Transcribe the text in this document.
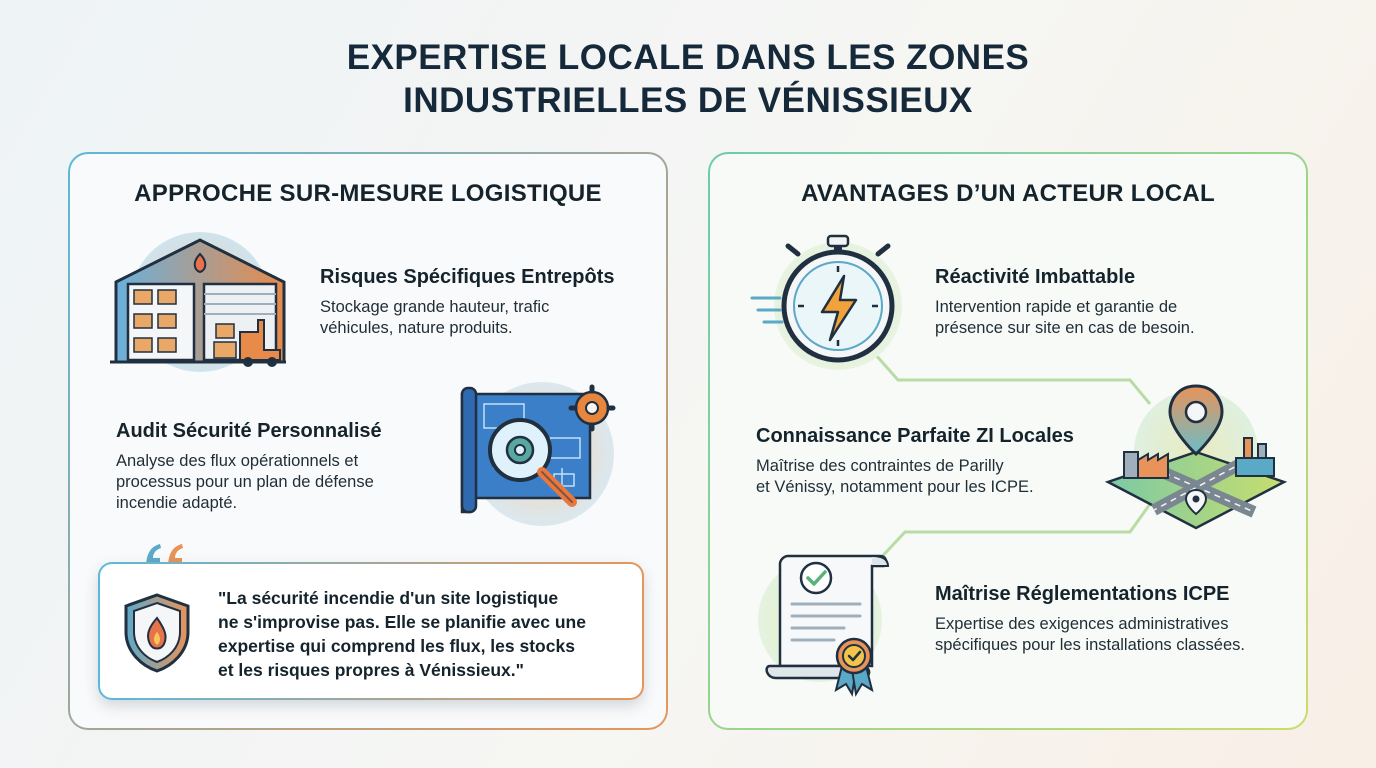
EXPERTISE LOCALE DANS LES ZONES
INDUSTRIELLES DE VÉNISSIEUX
APPROCHE SUR-MESURE LOGISTIQUE
Risques Spécifiques Entrepôts
Stockage grande hauteur, trafic
véhicules, nature produits.
Audit Sécurité Personnalisé
Analyse des flux opérationnels et
processus pour un plan de défense
incendie adapté.
"La sécurité incendie d'un site logistique
ne s'improvise pas. Elle se planifie avec une
expertise qui comprend les flux, les stocks
et les risques propres à Vénissieux."
AVANTAGES D’UN ACTEUR LOCAL
Réactivité Imbattable
Intervention rapide et garantie de
présence sur site en cas de besoin.
Connaissance Parfaite ZI Locales
Maîtrise des contraintes de Parilly
et Vénissy, notamment pour les ICPE.
Maîtrise Réglementations ICPE
Expertise des exigences administratives
spécifiques pour les installations classées.
